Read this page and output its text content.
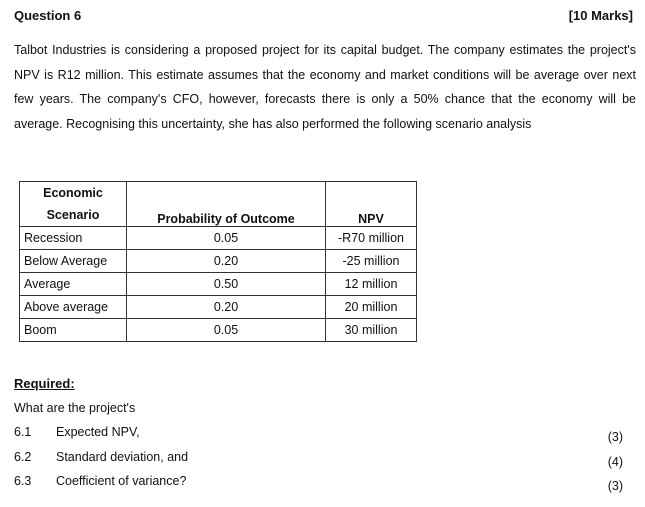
Question 6	[10 Marks]
Talbot Industries is considering a proposed project for its capital budget. The company estimates the project's NPV is R12 million. This estimate assumes that the economy and market conditions will be average over next few years. The company's CFO, however, forecasts there is only a 50% chance that the economy will be average. Recognising this uncertainty, she has also performed the following scenario analysis
Economic
Scenario	Probability of Outcome	NPV
Recession	0.05	-R70 million
Below Average	0.20	-25 million
Average	0.50	12 million
Above average	0.20	20 million
Boom	0.05	30 million
Required:
What are the project's
6.1 Expected NPV,	(3)
6.2 Standard deviation, and	(4)
6.3 Coefficient of variance?	(3)
